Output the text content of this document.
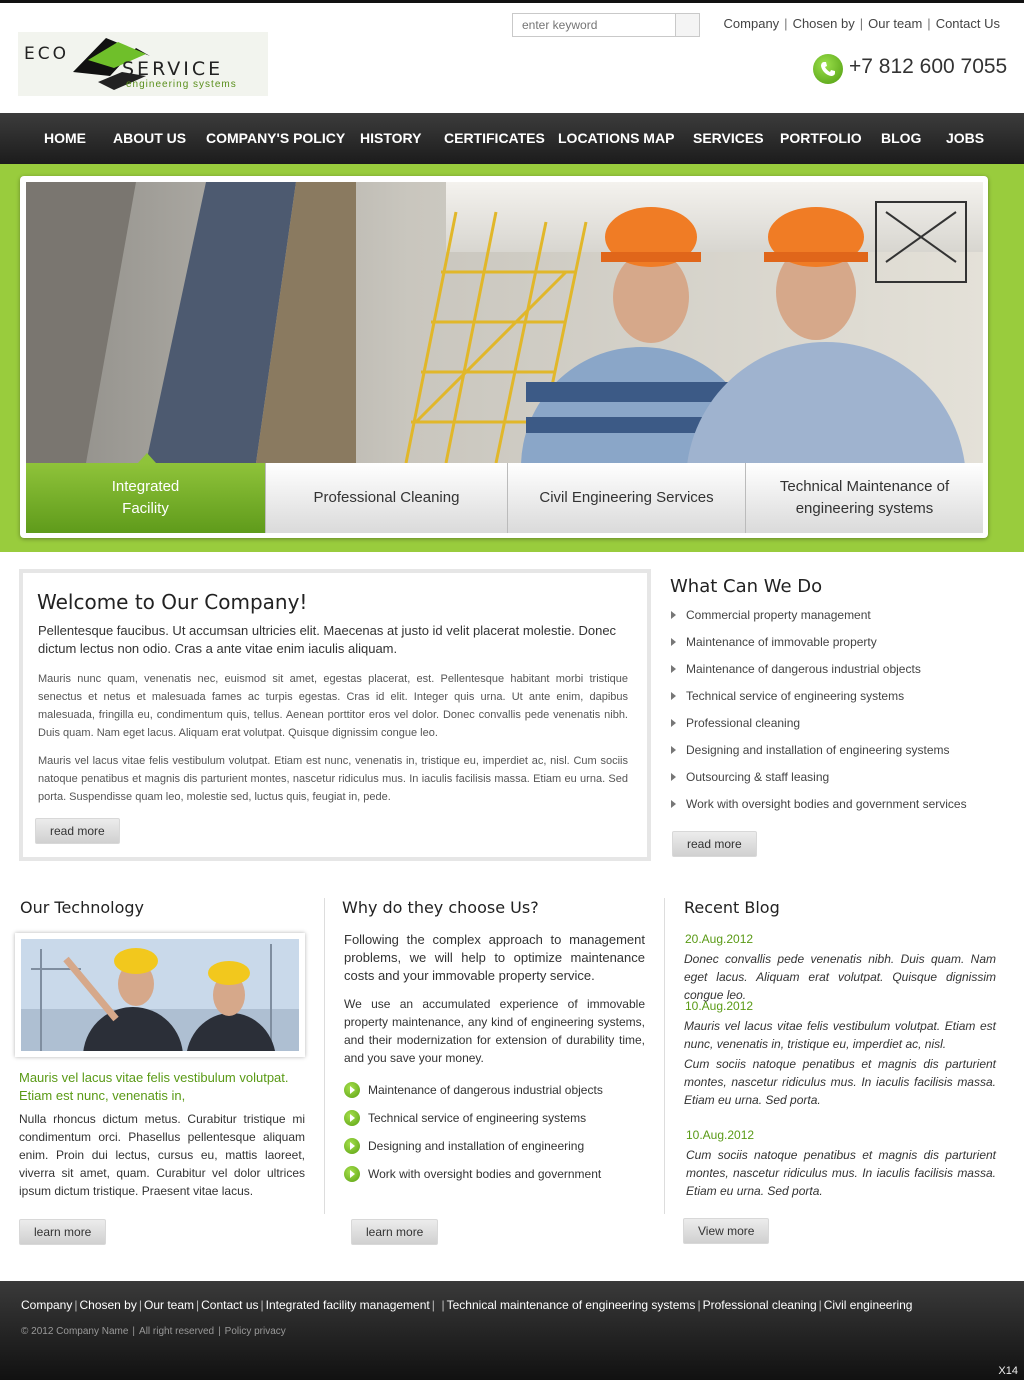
ECO
SERVICE
engineering systems
enter keyword
Company | Chosen by | Our team | Contact Us
+7 812 600 7055
HOME ABOUT US COMPANY'S POLICY HISTORY CERTIFICATES LOCATIONS MAP SERVICES PORTFOLIO BLOG JOBS
Integrated
Facility
Professional Cleaning	Civil Engineering Services
Technical Maintenance of
engineering systems
Welcome to Our Company!

Pellentesque faucibus. Ut accumsan ultricies elit. Maecenas at justo id velit placerat molestie. Donec dictum lectus non odio. Cras a ante vitae enim iaculis aliquam.

Mauris nunc quam, venenatis nec, euismod sit amet, egestas placerat, est. Pellentesque habitant morbi tristique senectus et netus et malesuada fames ac turpis egestas. Cras id elit. Integer quis urna. Ut ante enim, dapibus malesuada, fringilla eu, condimentum quis, tellus. Aenean porttitor eros vel dolor. Donec convallis pede venenatis nibh. Duis quam. Nam eget lacus. Aliquam erat volutpat. Quisque dignissim congue leo.

Mauris vel lacus vitae felis vestibulum volutpat. Etiam est nunc, venenatis in, tristique eu, imperdiet ac, nisl. Cum sociis natoque penatibus et magnis dis parturient montes, nascetur ridiculus mus. In iaculis facilisis massa. Etiam eu urna. Sed porta. Suspendisse quam leo, molestie sed, luctus quis, feugiat in, pede.

read more
What Can We Do
Commercial property management
Maintenance of immovable property
Maintenance of dangerous industrial objects
Technical service of engineering systems
Professional cleaning
Designing and installation of engineering systems
Outsourcing & staff leasing
Work with oversight bodies and government services
read more
Our Technology

Mauris vel lacus vitae felis vestibulum volutpat. Etiam est nunc, venenatis in,

Nulla rhoncus dictum metus. Curabitur tristique mi condimentum orci. Phasellus pellentesque aliquam enim. Proin dui lectus, cursus eu, mattis laoreet, viverra sit amet, quam. Curabitur vel dolor ultrices ipsum dictum tristique. Praesent vitae lacus.

learn more
Why do they choose Us?

Following the complex approach to management problems, we will help to optimize maintenance costs and your immovable property service.

We use an accumulated experience of immovable property maintenance, any kind of engineering systems, and their modernization for extension of durability time, and you save your money.

Maintenance of dangerous industrial objects
Technical service of engineering systems
Designing and installation of engineering
Work with oversight bodies and government
learn more
Recent Blog
20.Aug.2012

Donec convallis pede venenatis nibh. Duis quam. Nam eget lacus. Aliquam erat volutpat. Quisque dignissim congue leo.

10.Aug.2012

Mauris vel lacus vitae felis vestibulum volutpat. Etiam est nunc, venenatis in, tristique eu, imperdiet ac, nisl.

Cum sociis natoque penatibus et magnis dis parturient montes, nascetur ridiculus mus. In iaculis facilisis massa. Etiam eu urna. Sed porta.

10.Aug.2012

Cum sociis natoque penatibus et magnis dis parturient montes, nascetur ridiculus mus. In iaculis facilisis massa. Etiam eu urna. Sed porta.

View more
Company | Chosen by | Our team | Contact us | Integrated facility management |  | Technical maintenance of engineering systems | Professional cleaning | Civil engineering
© 2012 Company Name | All right reserved | Policy privacy
X14
